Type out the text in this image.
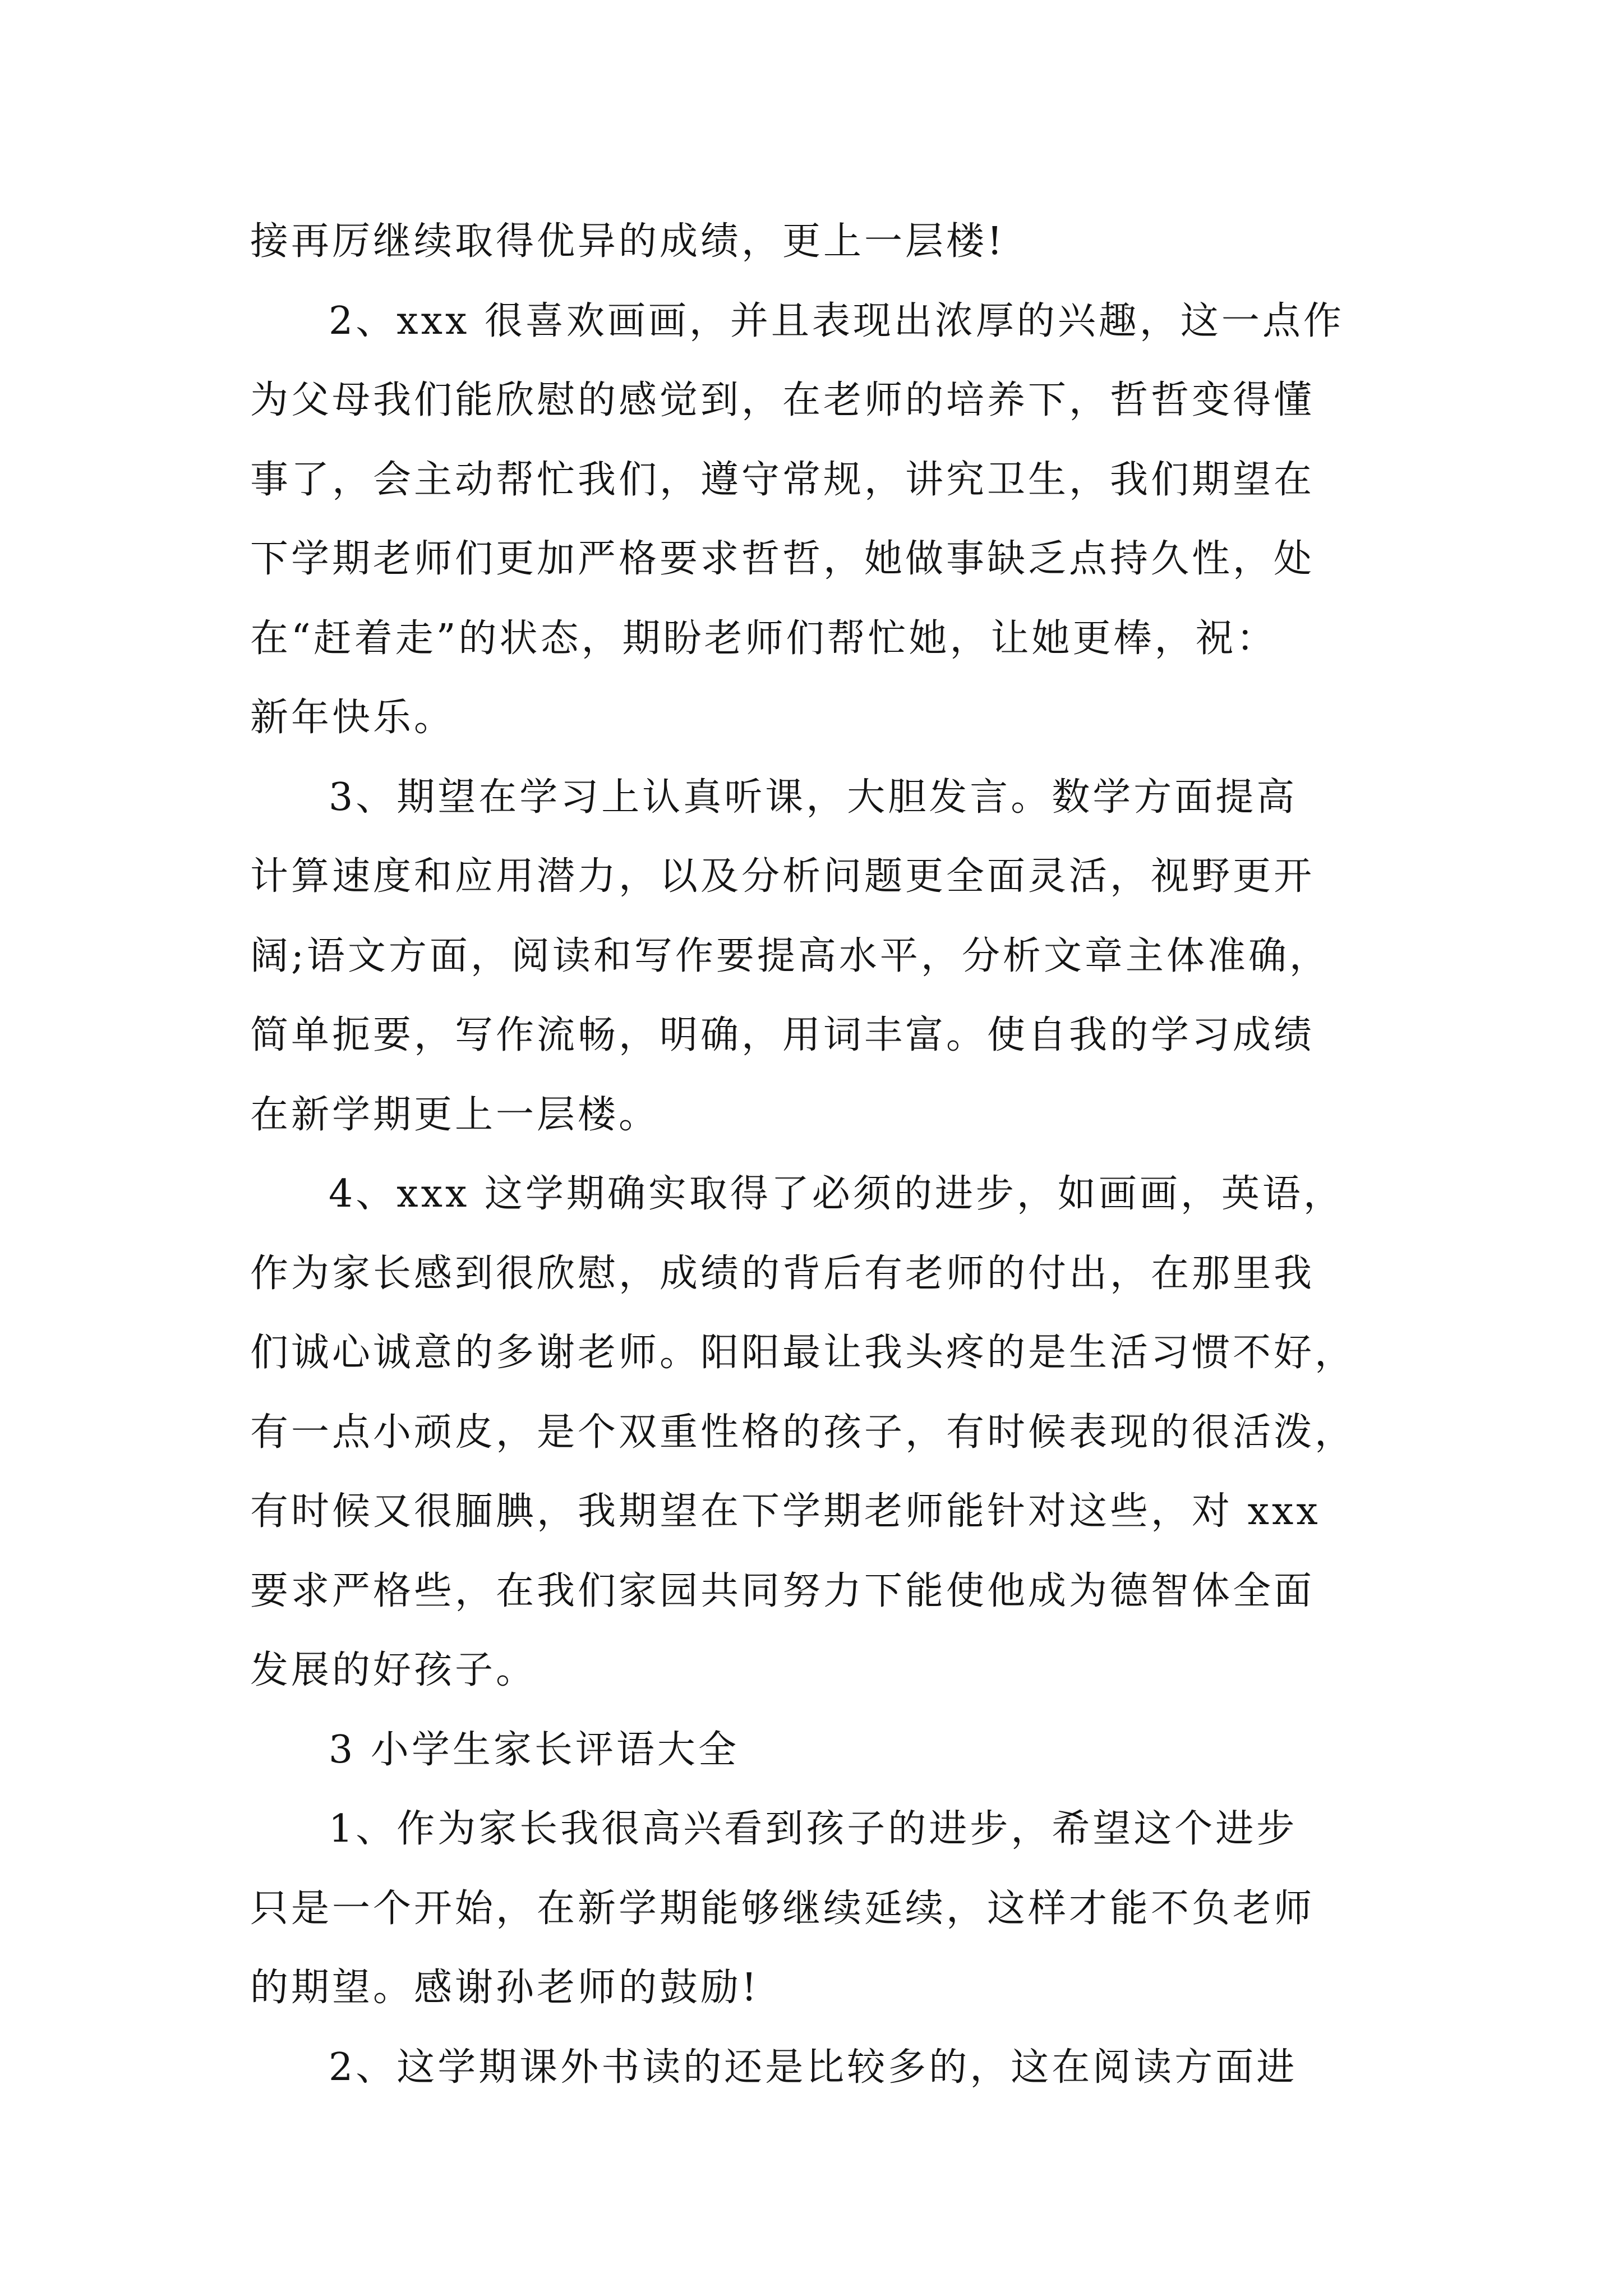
接再厉继续取得优异的成绩，更上一层楼!
2、xxx 很喜欢画画，并且表现出浓厚的兴趣，这一点作
为父母我们能欣慰的感觉到，在老师的培养下，哲哲变得懂
事了，会主动帮忙我们，遵守常规，讲究卫生，我们期望在
下学期老师们更加严格要求哲哲，她做事缺乏点持久性，处
在“赶着走”的状态，期盼老师们帮忙她，让她更棒，祝：
新年快乐。
3、期望在学习上认真听课，大胆发言。数学方面提高
计算速度和应用潜力，以及分析问题更全面灵活，视野更开
阔;语文方面，阅读和写作要提高水平，分析文章主体准确，
简单扼要，写作流畅，明确，用词丰富。使自我的学习成绩
在新学期更上一层楼。
4、xxx 这学期确实取得了必须的进步，如画画，英语，
作为家长感到很欣慰，成绩的背后有老师的付出，在那里我
们诚心诚意的多谢老师。阳阳最让我头疼的是生活习惯不好，
有一点小顽皮，是个双重性格的孩子，有时候表现的很活泼，
有时候又很腼腆，我期望在下学期老师能针对这些，对 xxx
要求严格些，在我们家园共同努力下能使他成为德智体全面
发展的好孩子。
3 小学生家长评语大全
1、作为家长我很高兴看到孩子的进步，希望这个进步
只是一个开始，在新学期能够继续延续，这样才能不负老师
的期望。感谢孙老师的鼓励!
2、这学期课外书读的还是比较多的，这在阅读方面进
